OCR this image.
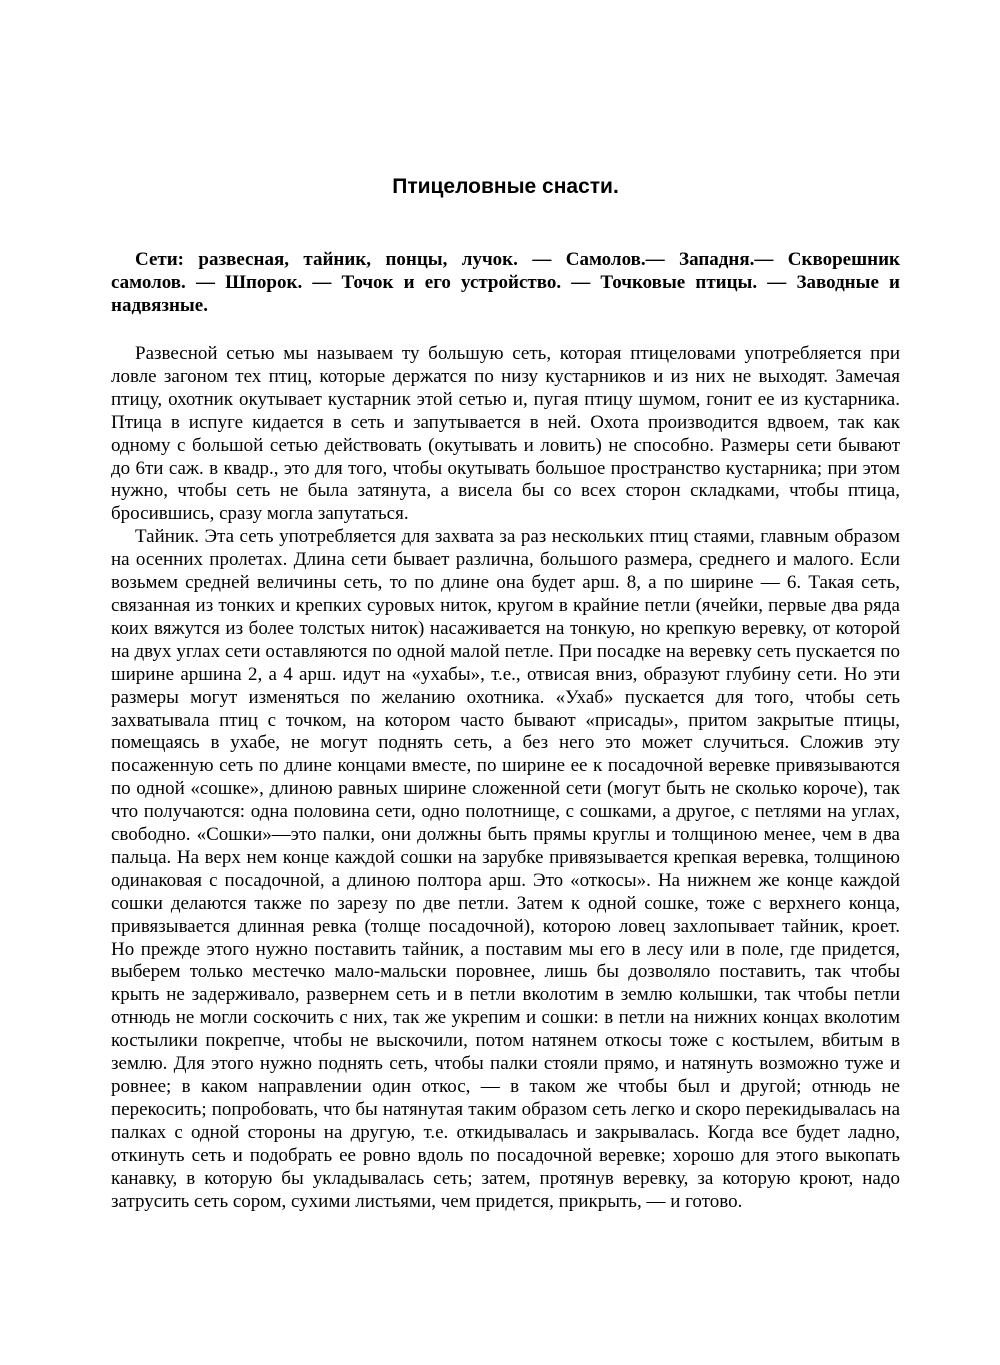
Птицеловные снасти.

Сети: развесная, тайник, понцы, лучок. — Самолов.— Западня.— Скворешник самолов. — Шпорок. — Точок и его устройство. — Точковые птицы. — Заводные и надвязные.

Развесной сетью мы называем ту большую сеть, которая птицеловами употребляется при ловле загоном тех птиц, которые держатся по низу кустарников и из них не выходят. Замечая птицу, охотник окутывает кустарник этой сетью и, пугая птицу шумом, гонит ее из кустарника. Птица в испуге кидается в сеть и запутывается в ней. Охота производится вдвоем, так как одному с большой сетью действовать (окутывать и ловить) не способно. Размеры сети бывают до 6ти саж. в квадр., это для того, чтобы окутывать большое пространство кустарника; при этом нужно, чтобы сеть не была затянута, а висела бы со всех сторон складками, чтобы птица, бросившись, сразу могла запутаться.

Тайник. Эта сеть употребляется для захвата за раз нескольких птиц стаями, главным образом на осенних пролетах. Длина сети бывает различна, большого размера, среднего и малого. Если возьмем средней величины сеть, то по длине она будет арш. 8, а по ширине — 6. Такая сеть, связанная из тонких и крепких суровых ниток, кругом в крайние петли (ячейки, первые два ряда коих вяжутся из более толстых ниток) насаживается на тонкую, но крепкую веревку, от которой на двух углах сети оставляются по одной малой петле. При посадке на веревку сеть пускается по ширине аршина 2, а 4 арш. идут на «ухабы», т.е., отвисая вниз, образуют глубину сети. Но эти размеры могут изменяться по желанию охотника. «Ухаб» пускается для того, чтобы сеть захватывала птиц с точком, на котором часто бывают «присады», притом закрытые птицы, помещаясь в ухабе, не могут поднять сеть, а без него это может случиться. Сложив эту посаженную сеть по длине концами вместе, по ширине ее к посадочной веревке привязываются по одной «сошке», длиною равных ширине сложенной сети (могут быть не сколько короче), так что получаются: одна половина сети, одно полотнище, с сошками, а другое, с петлями на углах, свободно. «Сошки»—это палки, они должны быть прямы круглы и толщиною менее, чем в два пальца. На верх нем конце каждой сошки на зарубке привязывается крепкая веревка, толщиною одинаковая с посадочной, а длиною полтора арш. Это «откосы». На нижнем же конце каждой сошки делаются также по зарезу по две петли. Затем к одной сошке, тоже с верхнего конца, привязывается длинная ревка (толще посадочной), которою ловец захлопывает тайник, кроет. Но прежде этого нужно поставить тайник, а поставим мы его в лесу или в поле, где придется, выберем только местечко мало-мальски поровнее, лишь бы дозволяло поставить, так чтобы крыть не задерживало, развернем сеть и в петли вколотим в землю колышки, так чтобы петли отнюдь не могли соскочить с них, так же укрепим и сошки: в петли на нижних концах вколотим костылики покрепче, чтобы не выскочили, потом натянем откосы тоже с костылем, вбитым в землю. Для этого нужно поднять сеть, чтобы палки стояли прямо, и натянуть возможно туже и ровнее; в каком направлении один откос, — в таком же чтобы был и другой; отнюдь не перекосить; попробовать, что бы натянутая таким образом сеть легко и скоро перекидывалась на палках с одной стороны на другую, т.е. откидывалась и закрывалась. Когда все будет ладно, откинуть сеть и подобрать ее ровно вдоль по посадочной веревке; хорошо для этого выкопать канавку, в которую бы укладывалась сеть; затем, протянув веревку, за которую кроют, надо затрусить сеть сором, сухими листьями, чем придется, прикрыть, — и готово.
